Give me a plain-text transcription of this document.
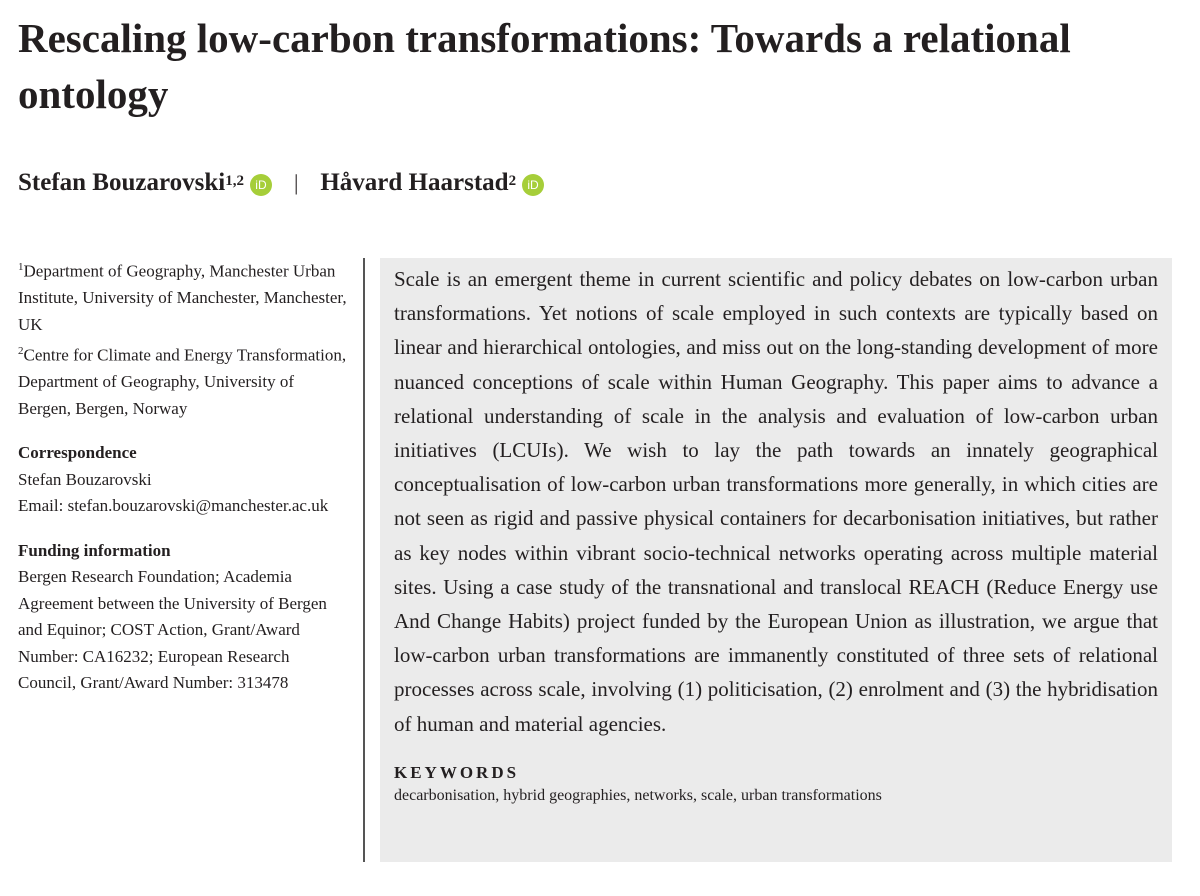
Rescaling low-carbon transformations: Towards a relational ontology
Stefan Bouzarovski$^{1,2}$ iD | Håvard Haarstad$^2$ iD

$^1$Department of Geography, Manchester Urban Institute, University of Manchester, Manchester, UK

$^2$Centre for Climate and Energy Transformation, Department of Geography, University of Bergen, Bergen, Norway

Correspondence

Stefan Bouzarovski

Email: stefan.bouzarovski@manchester.ac.uk

Funding information

Bergen Research Foundation; Academia Agreement between the University of Bergen and Equinor; COST Action, Grant/Award Number: CA16232; European Research Council, Grant/Award Number: 313478

Scale is an emergent theme in current scientific and policy debates on low-carbon urban transformations. Yet notions of scale employed in such contexts are typically based on linear and hierarchical ontologies, and miss out on the long-standing development of more nuanced conceptions of scale within Human Geography. This paper aims to advance a relational understanding of scale in the analysis and evaluation of low-carbon urban initiatives (LCUIs). We wish to lay the path towards an innately geographical conceptualisation of low-carbon urban transformations more generally, in which cities are not seen as rigid and passive physical containers for decarbonisation initiatives, but rather as key nodes within vibrant socio-technical networks operating across multiple material sites. Using a case study of the transnational and translocal REACH (Reduce Energy use And Change Habits) project funded by the European Union as illustration, we argue that low-carbon urban transformations are immanently constituted of three sets of relational processes across scale, involving (1) politicisation, (2) enrolment and (3) the hybridisation of human and material agencies.

KEYWORDS
decarbonisation, hybrid geographies, networks, scale, urban transformations
